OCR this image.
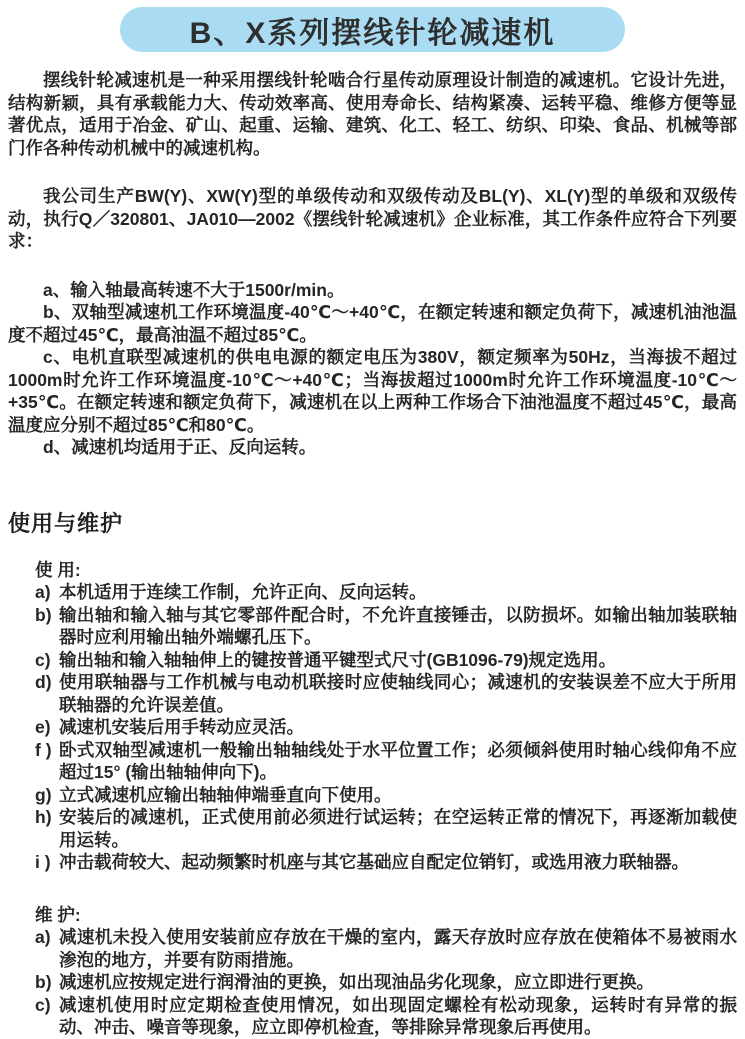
B、X系列摆线针轮减速机

摆线针轮减速机是一种采用摆线针轮啮合行星传动原理设计制造的减速机。它设计先进，结构新颖，具有承载能力大、传动效率高、使用寿命长、结构紧凑、运转平稳、维修方便等显著优点，适用于冶金、矿山、起重、运输、建筑、化工、轻工、纺织、印染、食品、机械等部门作各种传动机械中的减速机构。

我公司生产BW(Y)、XW(Y)型的单级传动和双级传动及BL(Y)、XL(Y)型的单级和双级传动，执行Q／320801、JA010—2002《摆线针轮减速机》企业标准，其工作条件应符合下列要求：

a、输入轴最高转速不大于1500r/min。

b、双轴型减速机工作环境温度-40℃～+40℃，在额定转速和额定负荷下，减速机油池温度不超过45℃，最高油温不超过85℃。

c、电机直联型减速机的供电电源的额定电压为380V，额定频率为50Hz，当海拔不超过1000m时允许工作环境温度-10℃～+40℃；当海拔超过1000m时允许工作环境温度-10℃～+35℃。在额定转速和额定负荷下，减速机在以上两种工作场合下油池温度不超过45℃，最高温度应分别不超过85℃和80℃。

d、减速机均适用于正、反向运转。

使用与维护
使 用:
a) 本机适用于连续工作制，允许正向、反向运转。
b) 输出轴和输入轴与其它零部件配合时，不允许直接锤击，以防损坏。如输出轴加装联轴器时应利用输出轴外端螺孔压下。
c) 输出轴和输入轴轴伸上的键按普通平键型式尺寸(GB1096-79)规定选用。
d) 使用联轴器与工作机械与电动机联接时应使轴线同心；减速机的安装误差不应大于所用联轴器的允许误差值。
e) 减速机安装后用手转动应灵活。
f ) 卧式双轴型减速机一般输出轴轴线处于水平位置工作；必须倾斜使用时轴心线仰角不应超过15° (输出轴轴伸向下)。
g) 立式减速机应输出轴轴伸端垂直向下使用。
h) 安装后的减速机，正式使用前必须进行试运转；在空运转正常的情况下，再逐渐加载使用运转。
i ) 冲击载荷较大、起动频繁时机座与其它基础应自配定位销钉，或选用液力联轴器。
维 护:
a) 减速机未投入使用安装前应存放在干燥的室内，露天存放时应存放在使箱体不易被雨水渗泡的地方，并要有防雨措施。
b) 减速机应按规定进行润滑油的更换，如出现油品劣化现象，应立即进行更换。
c) 减速机使用时应定期检查使用情况，如出现固定螺栓有松动现象，运转时有异常的振动、冲击、噪音等现象，应立即停机检查，等排除异常现象后再使用。
